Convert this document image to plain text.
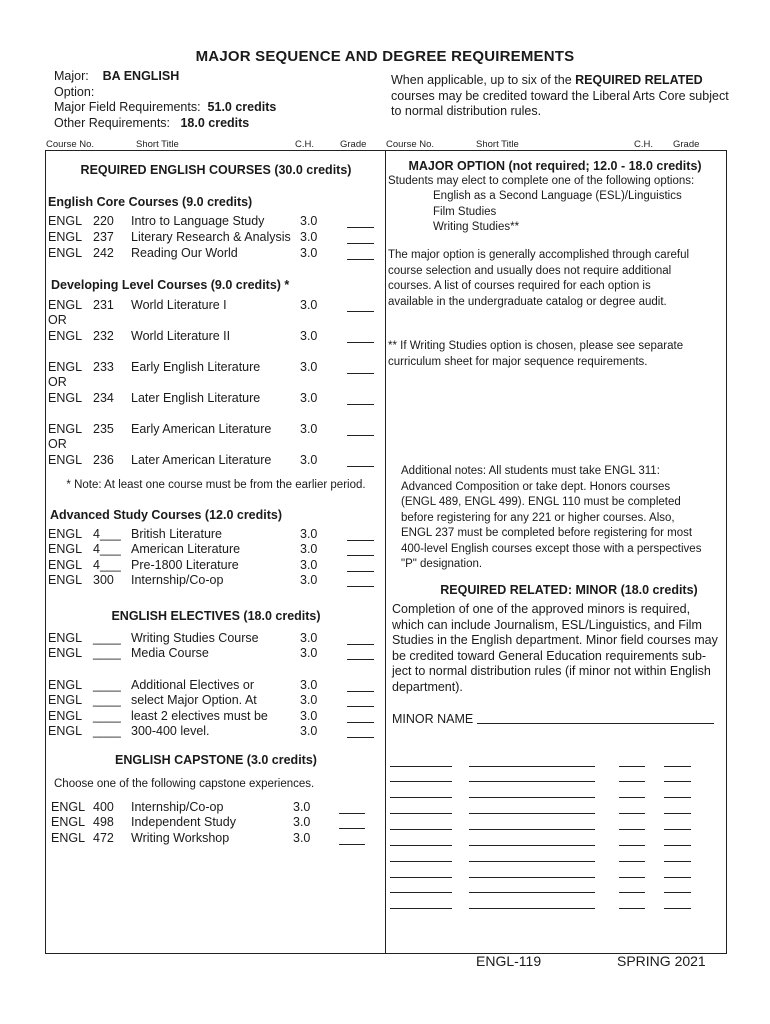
MAJOR SEQUENCE AND DEGREE REQUIREMENTS
Major: BA ENGLISH
Option:
Major Field Requirements: 51.0 credits
Other Requirements: 18.0 credits
When applicable, up to six of the REQUIRED RELATED
courses may be credited toward the Liberal Arts Core subject
to normal distribution rules.
Course No.	Short Title	C.H.	Grade Course No.	Short Title	C.H. Grade
REQUIRED ENGLISH COURSES (30.0 credits)
English Core Courses (9.0 credits)
Developing Level Courses (9.0 credits) *
* Note: At least one course must be from the earlier period.
Advanced Study Courses (12.0 credits)
ENGLISH ELECTIVES (18.0 credits)
ENGLISH CAPSTONE (3.0 credits)
Choose one of the following capstone experiences.
MAJOR OPTION (not required; 12.0 - 18.0 credits)
Students may elect to complete one of the following options:
English as a Second Language (ESL)/Linguistics
Film Studies
Writing Studies**
The major option is generally accomplished through careful
course selection and usually does not require additional
courses. A list of courses required for each option is
available in the undergraduate catalog or degree audit.
** If Writing Studies option is chosen, please see separate
curriculum sheet for major sequence requirements.
Additional notes: All students must take ENGL 311:
Advanced Composition or take dept. Honors courses
(ENGL 489, ENGL 499). ENGL 110 must be completed
before registering for any 221 or higher courses. Also,
ENGL 237 must be completed before registering for most
400-level English courses except those with a perspectives
"P" designation.
REQUIRED RELATED: MINOR (18.0 credits)
Completion of one of the approved minors is required,
which can include Journalism, ESL/Linguistics, and Film
Studies in the English department. Minor field courses may
be credited toward General Education requirements sub-
ject to normal distribution rules (if minor not within English
department).
MINOR NAME
ENGL-119	SPRING 2021
ENGL 220 Intro to Language Study	3.0
ENGL 237 Literary Research & Analysis 3.0
ENGL 242 Reading Our World	3.0
ENGL 231 World Literature I	3.0
OR
ENGL 232 World Literature II	3.0
ENGL 233 Early English Literature	3.0
OR
ENGL 234 Later English Literature	3.0
ENGL 235 Early American Literature 3.0
OR
ENGL 236 Later American Literature 3.0
ENGL 4___ British Literature	3.0
ENGL 4___ American Literature	3.0
ENGL 4___ Pre-1800 Literature	3.0
ENGL 300 Internship/Co-op	3.0
ENGL ____ Writing Studies Course	3.0
ENGL ____ Media Course	3.0
ENGL ____ Additional Electives or	3.0
ENGL ____ select Major Option. At	3.0
ENGL ____ least 2 electives must be	3.0
ENGL ____ 300-400 level.	3.0
ENGL 400 Internship/Co-op	3.0
ENGL 498 Independent Study	3.0
ENGL 472 Writing Workshop	3.0
